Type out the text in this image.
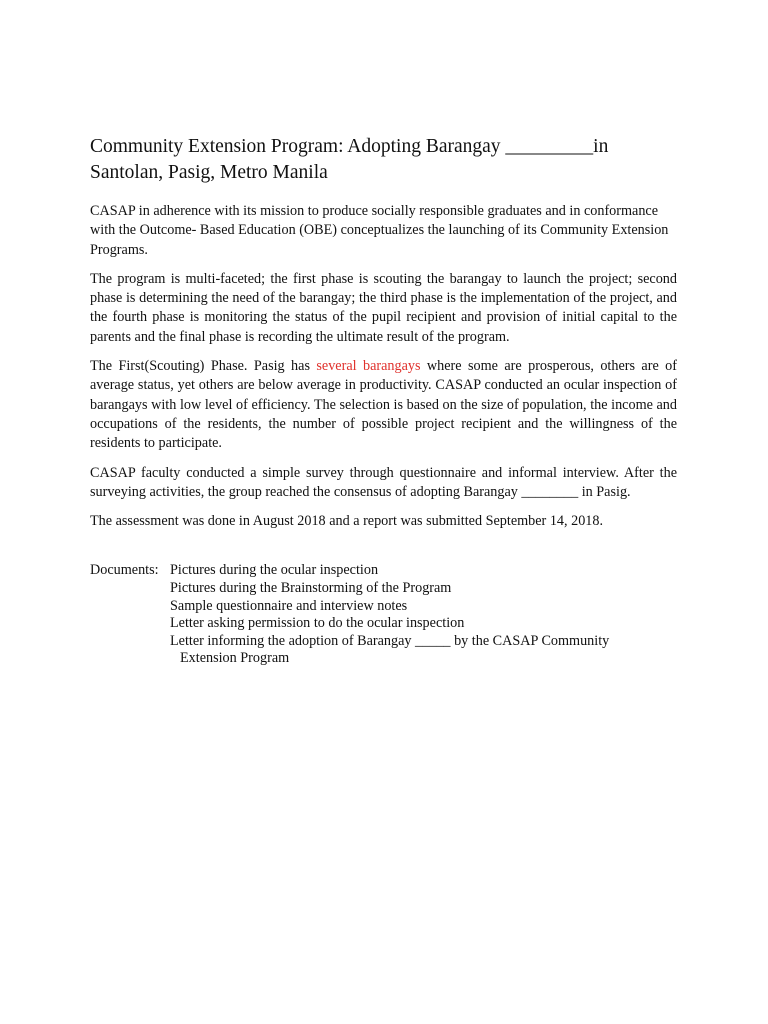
Community Extension Program: Adopting Barangay _________in
Santolan, Pasig, Metro Manila

CASAP in adherence with its mission to produce socially responsible graduates and in conformance with the Outcome- Based Education (OBE) conceptualizes the launching of its Community Extension Programs.

The program is multi-faceted; the first phase is scouting the barangay to launch the project; second phase is determining the need of the barangay; the third phase is the implementation of the project, and the fourth phase is monitoring the status of the pupil recipient and provision of initial capital to the parents and the final phase is recording the ultimate result of the program.

The First(Scouting) Phase. Pasig has several barangays where some are prosperous, others are of average status, yet others are below average in productivity. CASAP conducted an ocular inspection of barangays with low level of efficiency. The selection is based on the size of population, the income and occupations of the residents, the number of possible project recipient and the willingness of the residents to participate.

CASAP faculty conducted a simple survey through questionnaire and informal interview. After the surveying activities, the group reached the consensus of adopting Barangay ________ in Pasig.

The assessment was done in August 2018 and a report was submitted September 14, 2018.

Documents: Pictures during the ocular inspection
Pictures during the Brainstorming of the Program
Sample questionnaire and interview notes
Letter asking permission to do the ocular inspection
Letter informing the adoption of Barangay _____ by the CASAP Community
Extension Program
